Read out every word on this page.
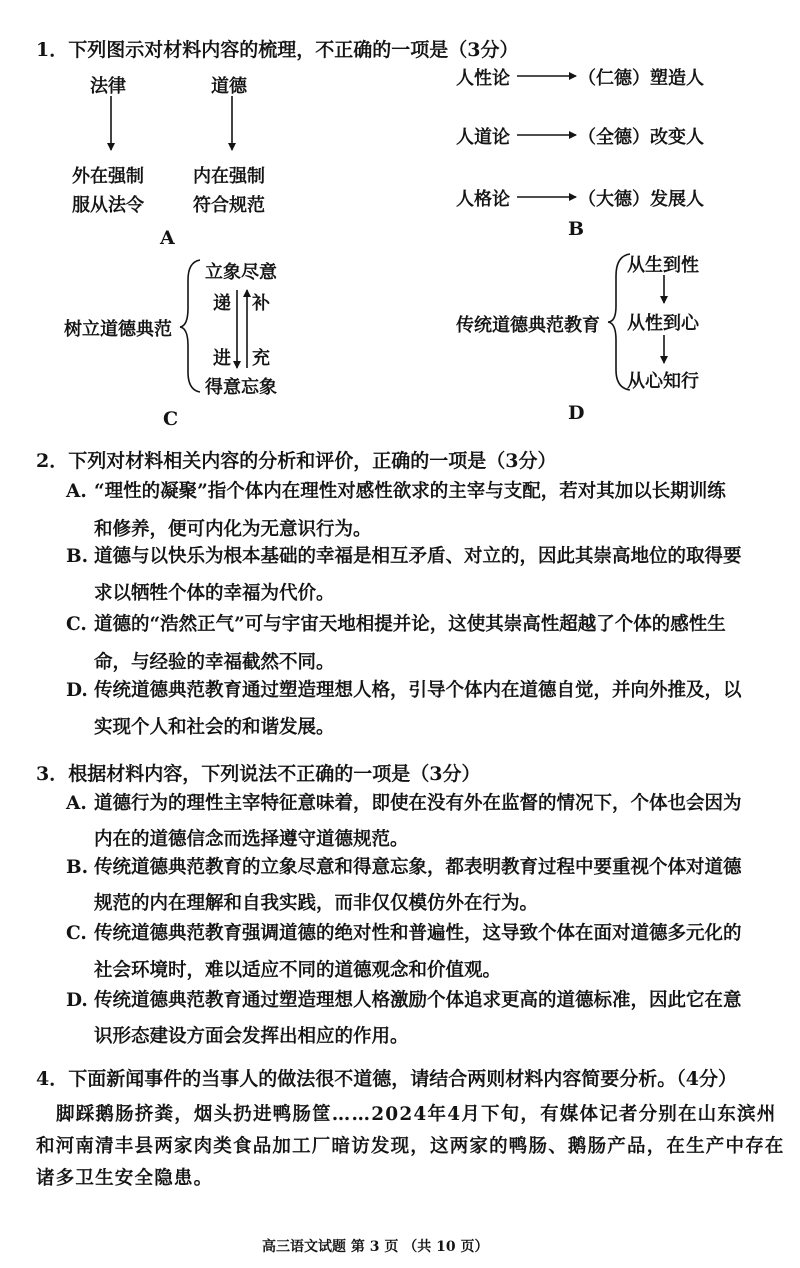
1．下列图示对材料内容的梳理，不正确的一项是（3分）
法律	道德
外在强制
服从法令
内在强制
符合规范
A
人性论	（仁德）塑造人
人道论	（全德）改变人
人格论	（大德）发展人
B
树立道德典范
立象尽意
得意忘象
递
进
补
充
C
传统道德典范教育
从生到性
从性到心
从心知行
D
2．下列对材料相关内容的分析和评价，正确的一项是（3分）
A. “理性的凝聚”指个体内在理性对感性欲求的主宰与支配，若对其加以长期训练
和修养，便可内化为无意识行为。
B. 道德与以快乐为根本基础的幸福是相互矛盾、对立的，因此其崇高地位的取得要
求以牺牲个体的幸福为代价。
C. 道德的“浩然正气”可与宇宙天地相提并论，这使其崇高性超越了个体的感性生
命，与经验的幸福截然不同。
D. 传统道德典范教育通过塑造理想人格，引导个体内在道德自觉，并向外推及，以
实现个人和社会的和谐发展。
3．根据材料内容，下列说法不正确的一项是（3分）
A. 道德行为的理性主宰特征意味着，即使在没有外在监督的情况下，个体也会因为
内在的道德信念而选择遵守道德规范。
B. 传统道德典范教育的立象尽意和得意忘象，都表明教育过程中要重视个体对道德
规范的内在理解和自我实践，而非仅仅模仿外在行为。
C. 传统道德典范教育强调道德的绝对性和普遍性，这导致个体在面对道德多元化的
社会环境时，难以适应不同的道德观念和价值观。
D. 传统道德典范教育通过塑造理想人格激励个体追求更高的道德标准，因此它在意
识形态建设方面会发挥出相应的作用。
4．下面新闻事件的当事人的做法很不道德，请结合两则材料内容简要分析。（4分）
脚踩鹅肠挤粪，烟头扔进鸭肠筐……2024年4月下旬，有媒体记者分别在山东滨州
和河南清丰县两家肉类食品加工厂暗访发现，这两家的鸭肠、鹅肠产品，在生产中存在
诸多卫生安全隐患。
高三语文试题 第 3 页 （共 10 页）
